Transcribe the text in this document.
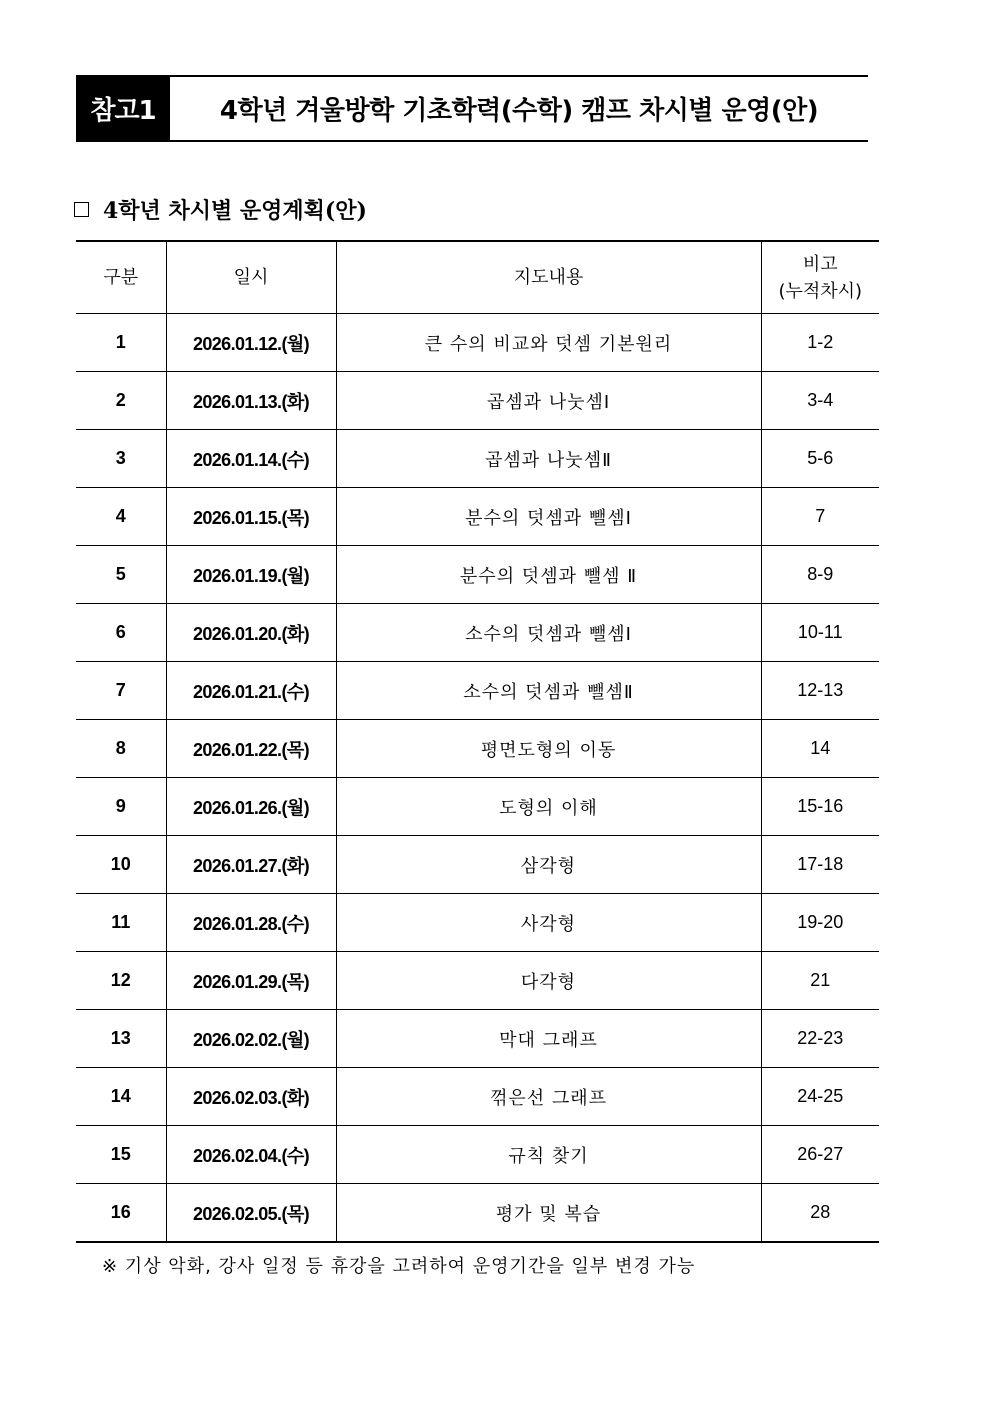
참고1	4학년 겨울방학 기초학력(수학) 캠프 차시별 운영(안)
4학년 차시별 운영계획(안)
구분	일시	지도내용	비고
(누적차시)

1	2026.01.12.(월)	큰 수의 비교와 덧셈 기본원리	1-2
2	2026.01.13.(화)	곱셈과 나눗셈Ⅰ	3-4
3	2026.01.14.(수)	곱셈과 나눗셈Ⅱ	5-6
4	2026.01.15.(목)	분수의 덧셈과 뺄셈Ⅰ	7
5	2026.01.19.(월)	분수의 덧셈과 뺄셈 Ⅱ	8-9
6	2026.01.20.(화)	소수의 덧셈과 뺄셈Ⅰ	10-11
7	2026.01.21.(수)	소수의 덧셈과 뺄셈Ⅱ	12-13
8	2026.01.22.(목)	평면도형의 이동	14
9	2026.01.26.(월)	도형의 이해	15-16
10	2026.01.27.(화)	삼각형	17-18
11	2026.01.28.(수)	사각형	19-20
12	2026.01.29.(목)	다각형	21
13	2026.02.02.(월)	막대 그래프	22-23
14	2026.02.03.(화)	꺾은선 그래프	24-25
15	2026.02.04.(수)	규칙 찾기	26-27
16	2026.02.05.(목)	평가 및 복습	28
※ 기상 악화, 강사 일정 등 휴강을 고려하여 운영기간을 일부 변경 가능
